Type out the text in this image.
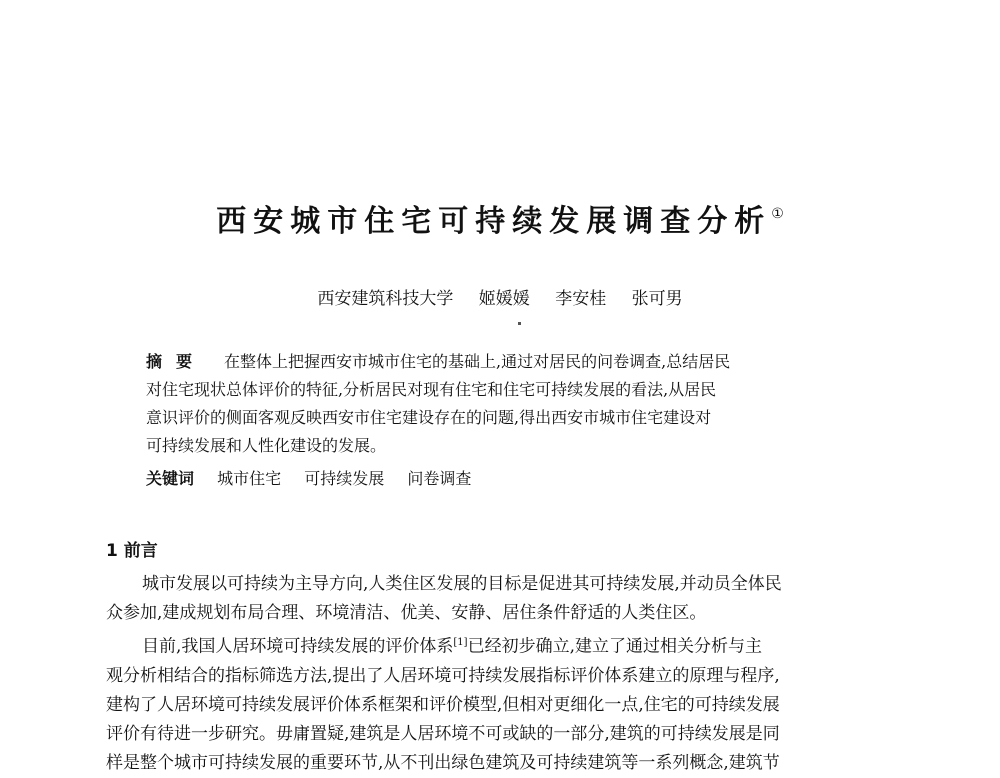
西安城市住宅可持续发展调查分析①
西安建筑科技大学 姬媛媛 李安桂 张可男
摘要 在整体上把握西安市城市住宅的基础上,通过对居民的问卷调查,总结居民
对住宅现状总体评价的特征,分析居民对现有住宅和住宅可持续发展的看法,从居民
意识评价的侧面客观反映西安市住宅建设存在的问题,得出西安市城市住宅建设对
可持续发展和人性化建设的发展。
关键词 城市住宅 可持续发展 问卷调查
1 前言
城市发展以可持续为主导方向,人类住区发展的目标是促进其可持续发展,并动员全体民
众参加,建成规划布局合理、环境清洁、优美、安静、居住条件舒适的人类住区。
目前,我国人居环境可持续发展的评价体系[1]已经初步确立,建立了通过相关分析与主
观分析相结合的指标筛选方法,提出了人居环境可持续发展指标评价体系建立的原理与程序,
建构了人居环境可持续发展评价体系框架和评价模型,但相对更细化一点,住宅的可持续发展
评价有待进一步研究。毋庸置疑,建筑是人居环境不可或缺的一部分,建筑的可持续发展是同
样是整个城市可持续发展的重要环节,从不刊出绿色建筑及可持续建筑等一系列概念,建筑节
